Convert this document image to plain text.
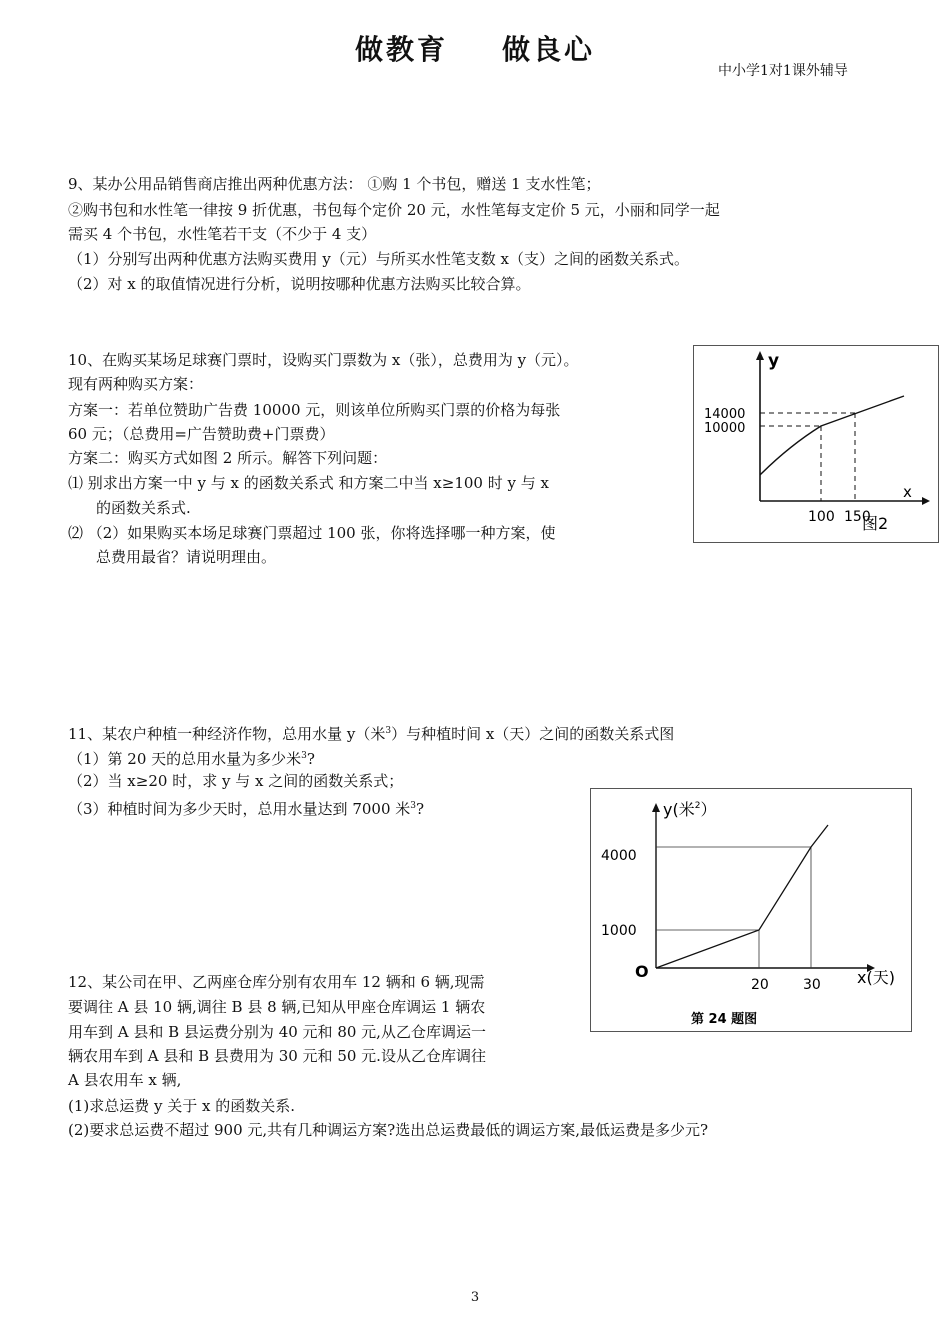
做教育 做良心
中小学1对1课外辅导
9、某办公用品销售商店推出两种优惠方法： ①购 1 个书包，赠送 1 支水性笔；
②购书包和水性笔一律按 9 折优惠，书包每个定价 20 元，水性笔每支定价 5 元，小丽和同学一起
需买 4 个书包，水性笔若干支（不少于 4 支）
（1）分别写出两种优惠方法购买费用 y（元）与所买水性笔支数 x（支）之间的函数关系式。
（2）对 x 的取值情况进行分析，说明按哪种优惠方法购买比较合算。
10、在购买某场足球赛门票时，设购买门票数为 x（张），总费用为 y（元）。
现有两种购买方案：
方案一：若单位赞助广告费 10000 元，则该单位所购买门票的价格为每张
60 元；（总费用=广告赞助费+门票费）
方案二：购买方式如图 2 所示。解答下列问题：
⑴ 别求出方案一中 y 与 x 的函数关系式 和方案二中当 x≥100 时 y 与 x
的函数关系式.
⑵ （2）如果购买本场足球赛门票超过 100 张，你将选择哪一种方案，使
总费用最省？请说明理由。
y
x
14000
10000
100 150
图2
11、某农户种植一种经济作物，总用水量 y（米$^3$）与种植时间 x（天）之间的函数关系式图
（1）第 20 天的总用水量为多少米$^3$?
（2）当 x≥20 时，求 y 与 x 之间的函数关系式；
（3）种植时间为多少天时，总用水量达到 7000 米$^3$?	y(米$^2$）
4000
1000
O
20 30 x(天)
第 24 题图
12、某公司在甲、乙两座仓库分别有农用车 12 辆和 6 辆,现需
要调往 A 县 10 辆,调往 B 县 8 辆,已知从甲座仓库调运 1 辆农
用车到 A 县和 B 县运费分别为 40 元和 80 元,从乙仓库调运一
辆农用车到 A 县和 B 县费用为 30 元和 50 元.设从乙仓库调往
A 县农用车 x 辆,
(1)求总运费 y 关于 x 的函数关系.
(2)要求总运费不超过 900 元,共有几种调运方案?选出总运费最低的调运方案,最低运费是多少元?
3
